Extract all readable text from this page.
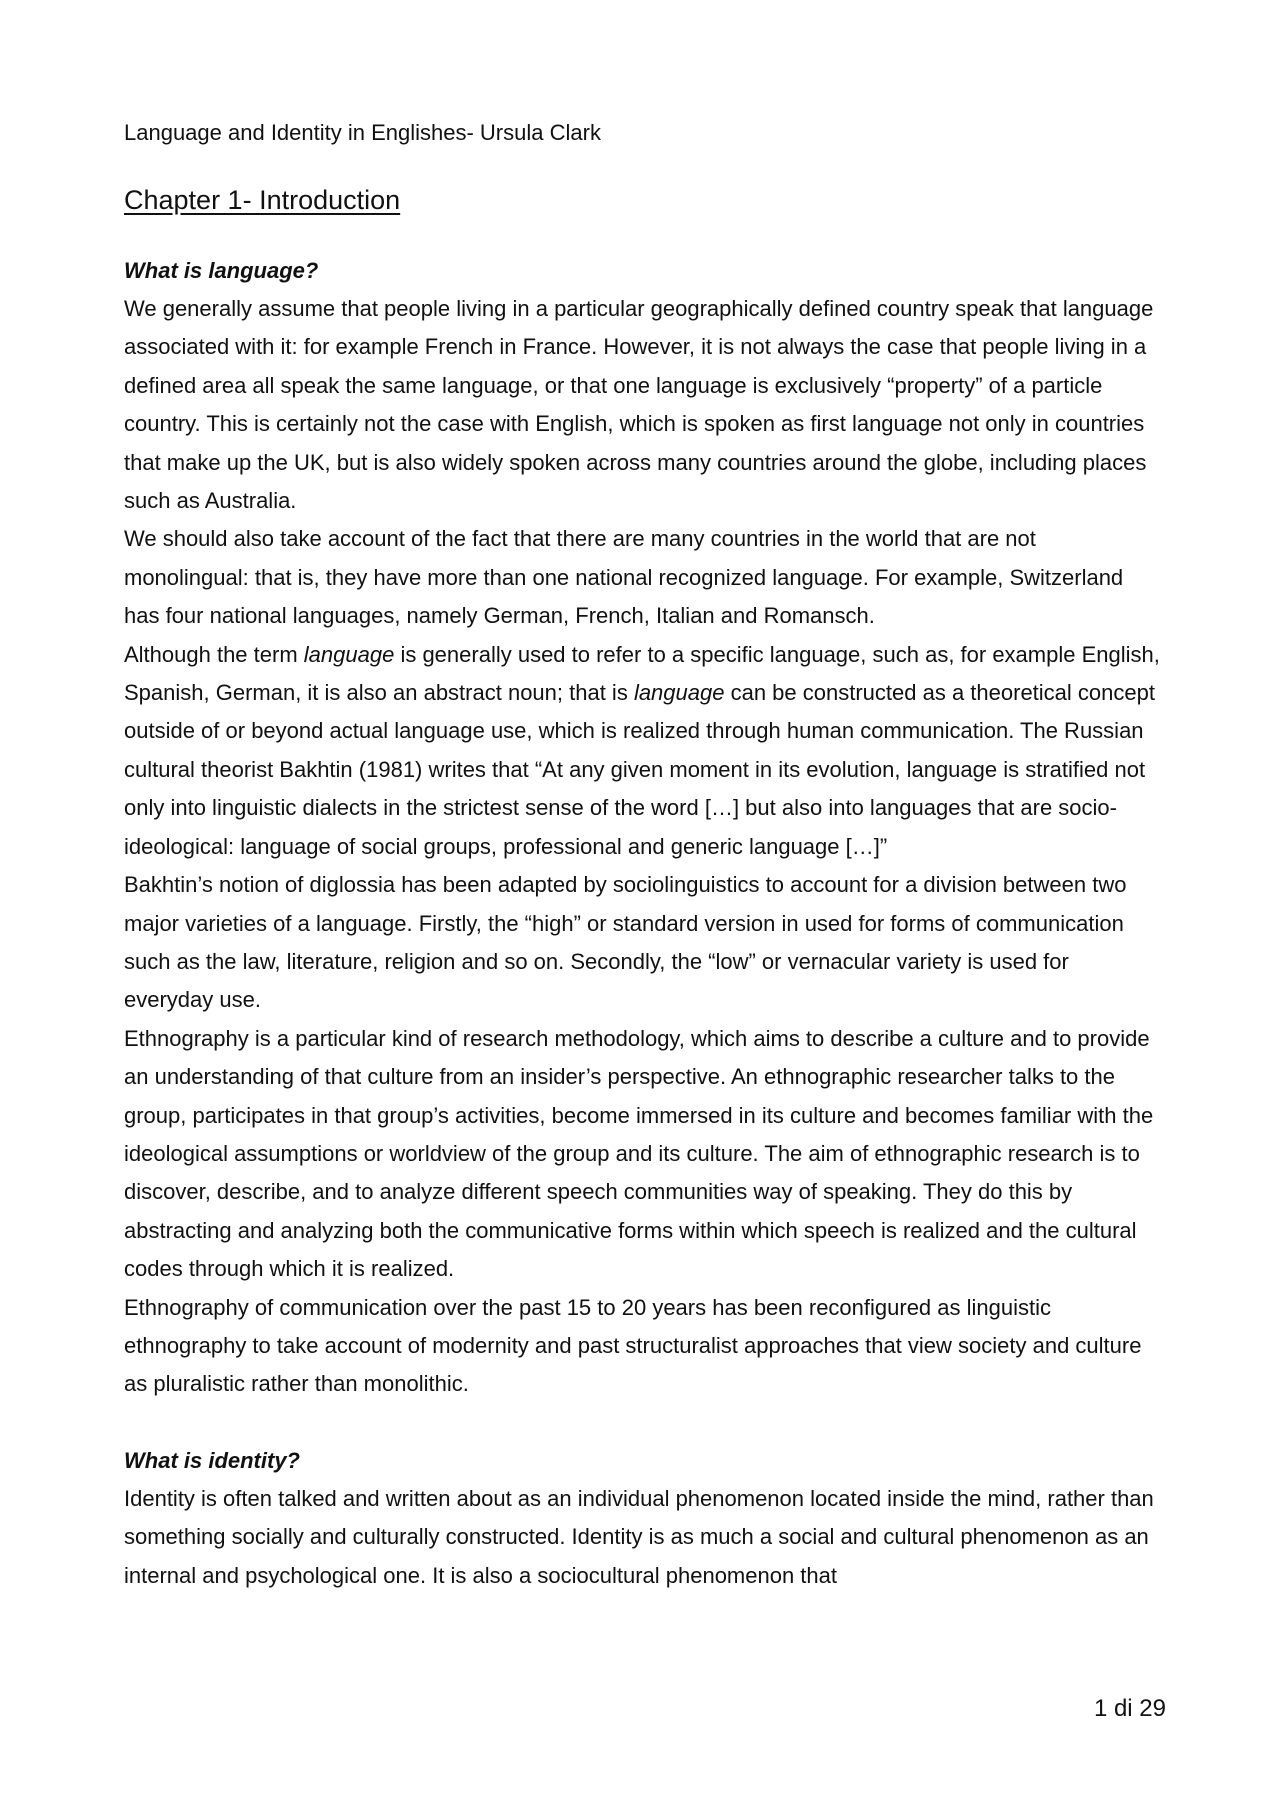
Language and Identity in Englishes- Ursula Clark

Chapter 1- Introduction
What is language?

We generally assume that people living in a particular geographically defined country speak that language associated with it: for example French in France. However, it is not always the case that people living in a defined area all speak the same language, or that one language is exclusively “property” of a particle country. This is certainly not the case with English, which is spoken as first language not only in countries that make up the UK, but is also widely spoken across many countries around the globe, including places such as Australia.

We should also take account of the fact that there are many countries in the world that are not monolingual: that is, they have more than one national recognized language. For example, Switzerland has four national languages, namely German, French, Italian and Romansch.

Although the term language is generally used to refer to a specific language, such as, for example English, Spanish, German, it is also an abstract noun; that is language can be constructed as a theoretical concept outside of or beyond actual language use, which is realized through human communication. The Russian cultural theorist Bakhtin (1981) writes that “At any given moment in its evolution, language is stratified not only into linguistic dialects in the strictest sense of the word […] but also into languages that are socio-ideological: language of social groups, professional and generic language […]”

Bakhtin’s notion of diglossia has been adapted by sociolinguistics to account for a division between two major varieties of a language. Firstly, the “high” or standard version in used for forms of communication such as the law, literature, religion and so on. Secondly, the “low” or vernacular variety is used for everyday use.

Ethnography is a particular kind of research methodology, which aims to describe a culture and to provide an understanding of that culture from an insider’s perspective. An ethnographic researcher talks to the group, participates in that group’s activities, become immersed in its culture and becomes familiar with the ideological assumptions or worldview of the group and its culture. The aim of ethnographic research is to discover, describe, and to analyze different speech communities way of speaking. They do this by abstracting and analyzing both the communicative forms within which speech is realized and the cultural codes through which it is realized.

Ethnography of communication over the past 15 to 20 years has been reconfigured as linguistic ethnography to take account of modernity and past structuralist approaches that view society and culture as pluralistic rather than monolithic.

What is identity?

Identity is often talked and written about as an individual phenomenon located inside the mind, rather than something socially and culturally constructed. Identity is as much a social and cultural phenomenon as an internal and psychological one. It is also a sociocultural phenomenon that

1 di 29
